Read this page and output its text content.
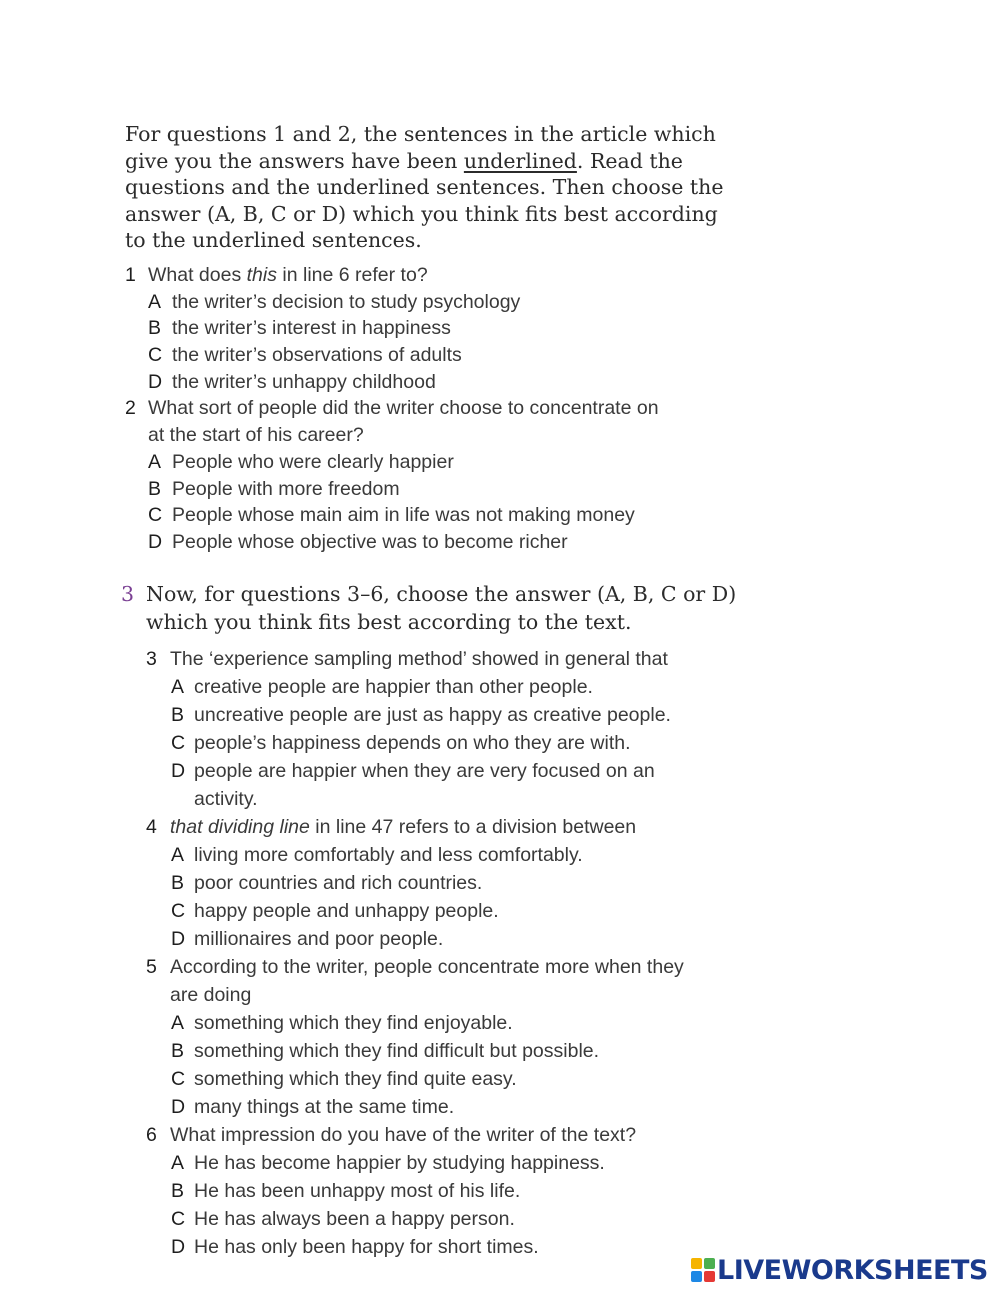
For questions 1 and 2, the sentences in the article which

give you the answers have been underlined. Read the

questions and the underlined sentences. Then choose the

answer (A, B, C or D) which you think fits best according

to the underlined sentences.

1 What does this in line 6 refer to?
A the writer’s decision to study psychology
B the writer’s interest in happiness
C the writer’s observations of adults
D the writer’s unhappy childhood
2 What sort of people did the writer choose to concentrate on
at the start of his career?
A People who were clearly happier
B People with more freedom
C People whose main aim in life was not making money
D People whose objective was to become richer
3 Now, for questions 3–6, choose the answer (A, B, C or D)
which you think fits best according to the text.
3 The ‘experience sampling method’ showed in general that
A creative people are happier than other people.
B uncreative people are just as happy as creative people.
C people’s happiness depends on who they are with.
D people are happier when they are very focused on an
activity.
4 that dividing line in line 47 refers to a division between
A living more comfortably and less comfortably.
B poor countries and rich countries.
C happy people and unhappy people.
D millionaires and poor people.
5 According to the writer, people concentrate more when they
are doing
A something which they find enjoyable.
B something which they find difficult but possible.
C something which they find quite easy.
D many things at the same time.
6 What impression do you have of the writer of the text?
A He has become happier by studying happiness.
B He has been unhappy most of his life.
C He has always been a happy person.
D He has only been happy for short times.
LIVEWORKSHEETS
